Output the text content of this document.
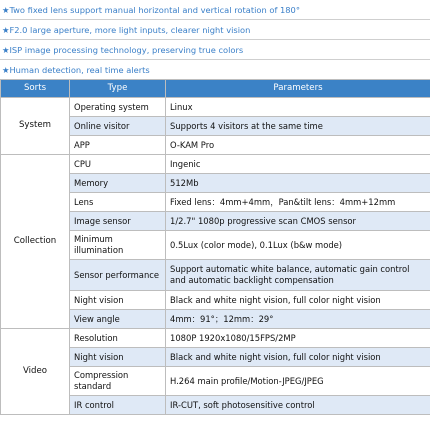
★Two fixed lens support manual horizontal and vertical rotation of 180°
★F2.0 large aperture, more light inputs, clearer night vision
★ISP image processing technology, preserving true colors
★Human detection, real time alerts
Sorts	Type	Parameters
System	Operating system	Linux
	Online visitor	Supports 4 visitors at the same time
	APP	O-KAM Pro
Collection	CPU	Ingenic
	Memory	512Mb
	Lens	Fixed lens：4mm+4mm，Pan&tilt lens：4mm+12mm
	Image sensor	1/2.7" 1080p progressive scan CMOS sensor
	Minimum illumination	0.5Lux (color mode), 0.1Lux (b&w mode)
	Sensor performance	Support automatic white balance, automatic gain control and automatic backlight compensation
	Night vision	Black and white night vision, full color night vision
	View angle	4mm：91°；12mm：29°
Video	Resolution	1080P 1920x1080/15FPS/2MP
	Night vision	Black and white night vision, full color night vision
	Compression standard	H.264 main profile/Motion-JPEG/JPEG
	IR control	IR-CUT, soft photosensitive control
